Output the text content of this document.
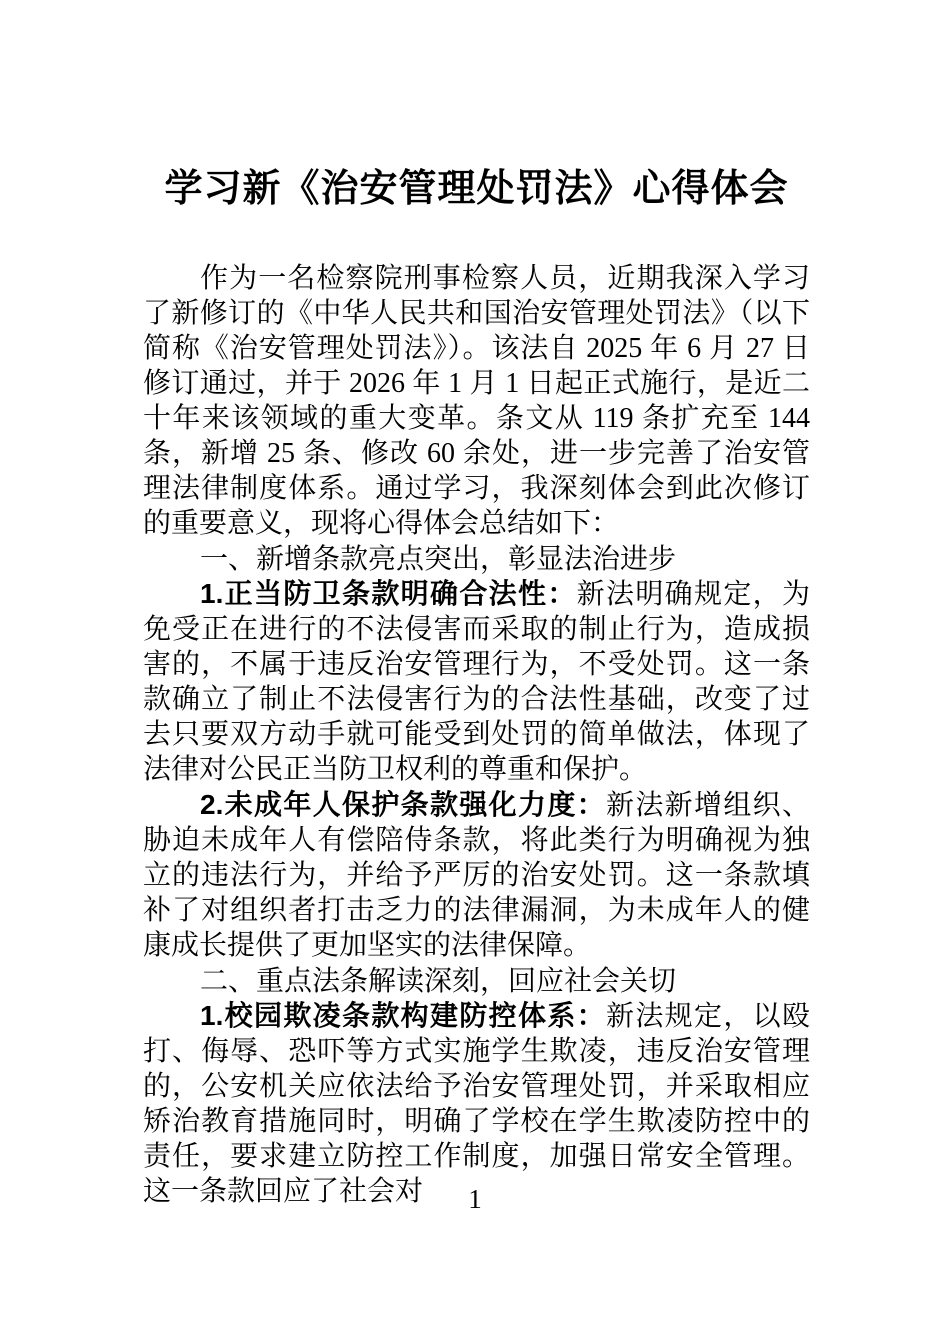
学习新《治安管理处罚法》心得体会

作为一名检察院刑事检察人员，近期我深入学习了新修订的《中华人民共和国治安管理处罚法》（以下简称《治安管理处罚法》）。该法自 2025 年 6 月 27 日修订通过，并于 2026 年 1 月 1 日起正式施行，是近二十年来该领域的重大变革。条文从 119 条扩充至 144 条，新增 25 条、修改 60 余处，进一步完善了治安管理法律制度体系。通过学习，我深刻体会到此次修订的重要意义，现将心得体会总结如下：

一、新增条款亮点突出，彰显法治进步

1.正当防卫条款明确合法性：新法明确规定，为免受正在进行的不法侵害而采取的制止行为，造成损害的，不属于违反治安管理行为，不受处罚。这一条款确立了制止不法侵害行为的合法性基础，改变了过去只要双方动手就可能受到处罚的简单做法，体现了法律对公民正当防卫权利的尊重和保护。

2.未成年人保护条款强化力度：新法新增组织、胁迫未成年人有偿陪侍条款，将此类行为明确视为独立的违法行为，并给予严厉的治安处罚。这一条款填补了对组织者打击乏力的法律漏洞，为未成年人的健康成长提供了更加坚实的法律保障。

二、重点法条解读深刻，回应社会关切

1.校园欺凌条款构建防控体系：新法规定，以殴打、侮辱、恐吓等方式实施学生欺凌，违反治安管理的，公安机关应依法给予治安管理处罚，并采取相应矫治教育措施同时，明确了学校在学生欺凌防控中的责任，要求建立防控工作制度，加强日常安全管理。这一条款回应了社会对	1
